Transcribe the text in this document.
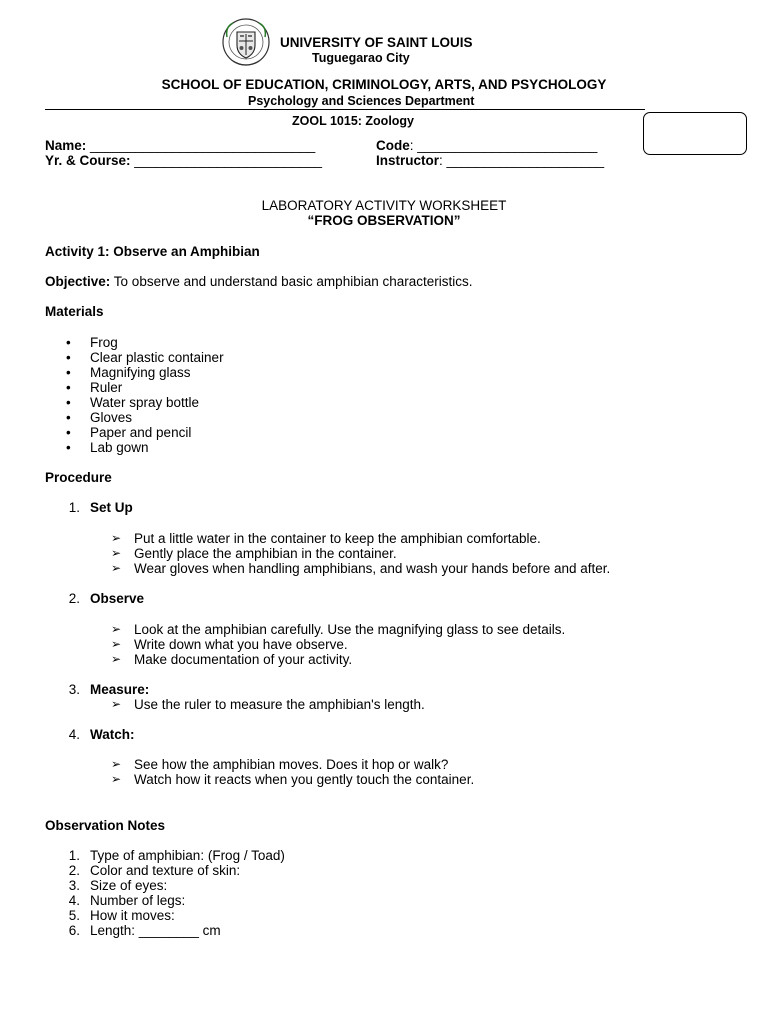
UNIVERSITY OF SAINT LOUIS
Tuguegarao City
SCHOOL OF EDUCATION, CRIMINOLOGY, ARTS, AND PSYCHOLOGY
Psychology and Sciences Department
ZOOL 1015: Zoology
Name: ______________________________	Code: ________________________
Yr. & Course: _________________________	Instructor: _____________________
LABORATORY ACTIVITY WORKSHEET
“FROG OBSERVATION”
Activity 1: Observe an Amphibian
Objective: To observe and understand basic amphibian characteristics.
Materials
• Frog
• Clear plastic container
• Magnifying glass
• Ruler
• Water spray bottle
• Gloves
• Paper and pencil
• Lab gown
Procedure
1. Set Up
➢ Put a little water in the container to keep the amphibian comfortable.
➢ Gently place the amphibian in the container.
➢ Wear gloves when handling amphibians, and wash your hands before and after.
2. Observe
➢ Look at the amphibian carefully. Use the magnifying glass to see details.
➢ Write down what you have observe.
➢ Make documentation of your activity.
3. Measure:
➢ Use the ruler to measure the amphibian's length.
4. Watch:
➢ See how the amphibian moves. Does it hop or walk?
➢ Watch how it reacts when you gently touch the container.
Observation Notes
1. Type of amphibian: (Frog / Toad)
2. Color and texture of skin:
3. Size of eyes:
4. Number of legs:
5. How it moves:
6. Length: ________ cm
